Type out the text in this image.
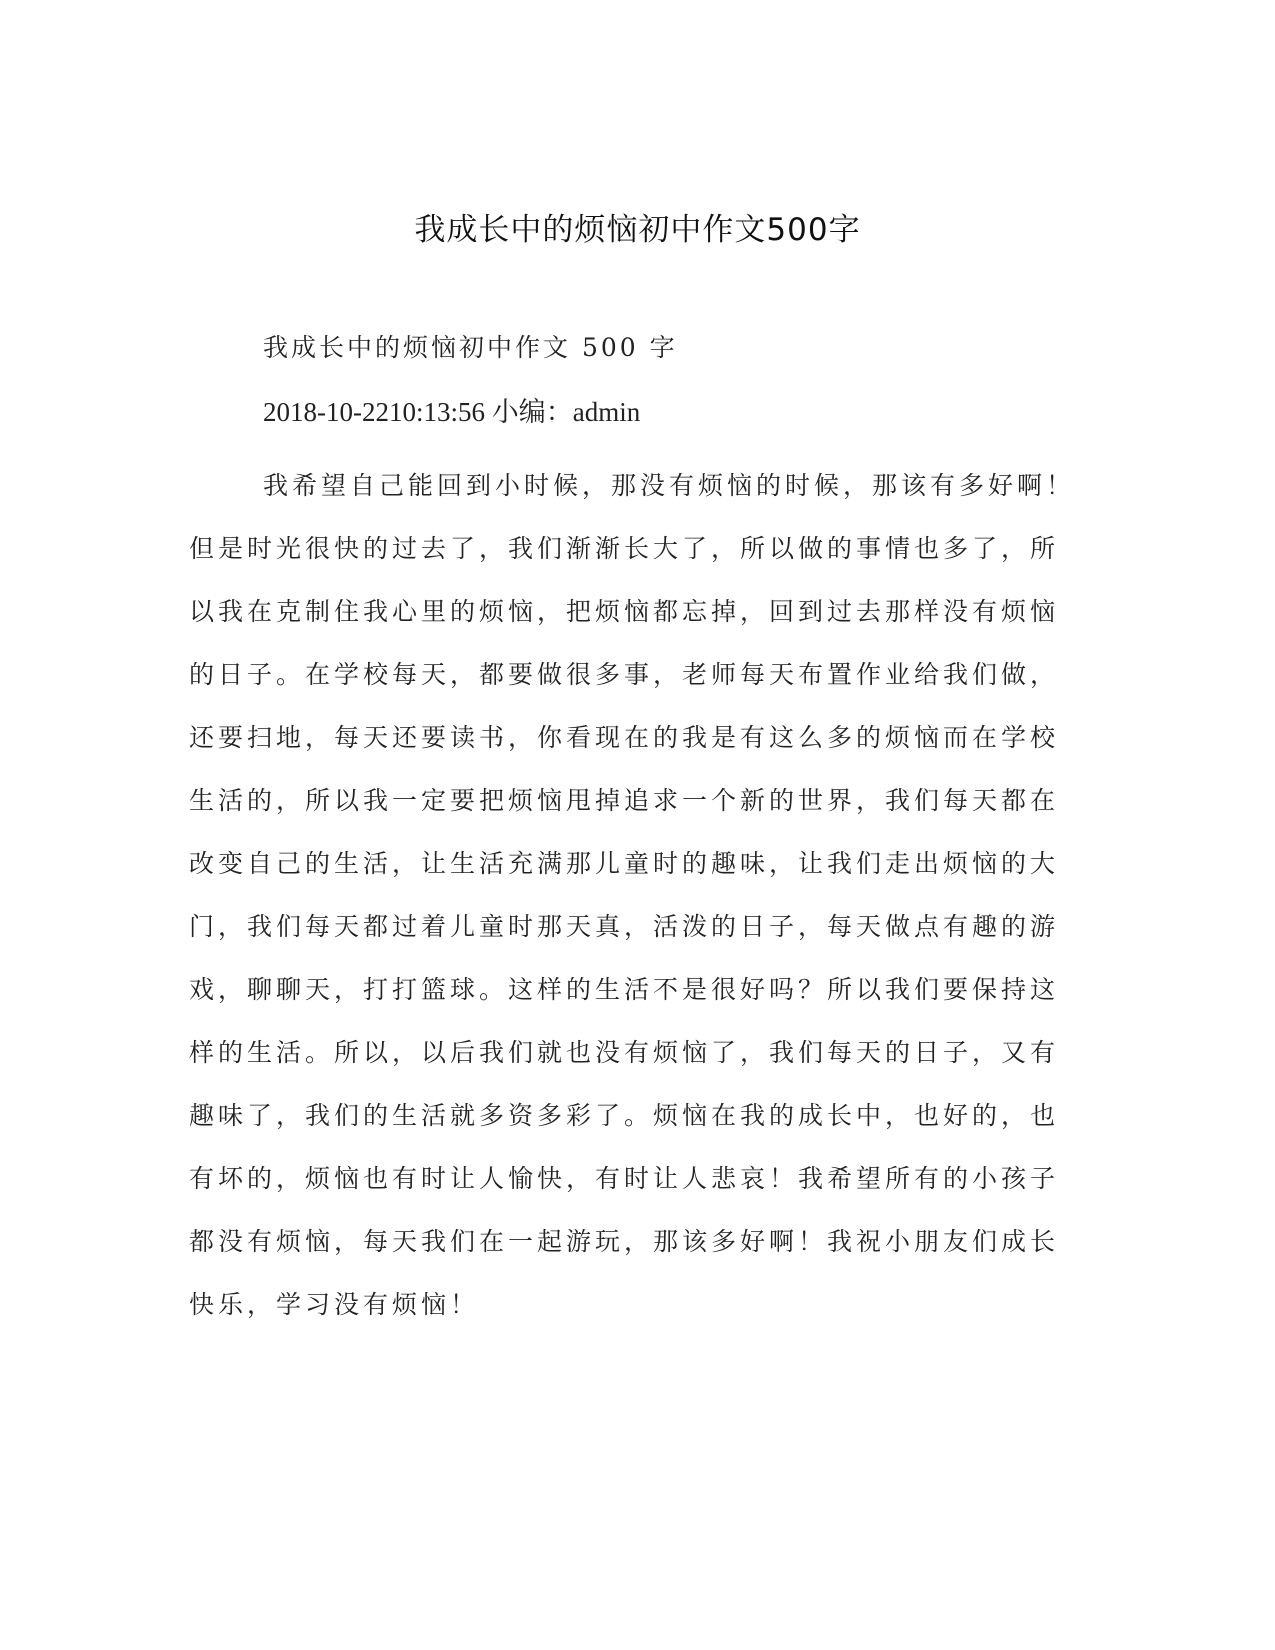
我成长中的烦恼初中作文500字
我成长中的烦恼初中作文 500 字
2018-10-2210:13:56 小编：admin
我希望自己能回到小时候，那没有烦恼的时候，那该有多好啊！
但是时光很快的过去了，我们渐渐长大了，所以做的事情也多了，所
以我在克制住我心里的烦恼，把烦恼都忘掉，回到过去那样没有烦恼
的日子。在学校每天，都要做很多事，老师每天布置作业给我们做，
还要扫地，每天还要读书，你看现在的我是有这么多的烦恼而在学校
生活的，所以我一定要把烦恼甩掉追求一个新的世界，我们每天都在
改变自己的生活，让生活充满那儿童时的趣味，让我们走出烦恼的大
门，我们每天都过着儿童时那天真，活泼的日子，每天做点有趣的游
戏，聊聊天，打打篮球。这样的生活不是很好吗？所以我们要保持这
样的生活。所以，以后我们就也没有烦恼了，我们每天的日子，又有
趣味了，我们的生活就多资多彩了。烦恼在我的成长中，也好的，也
有坏的，烦恼也有时让人愉快，有时让人悲哀！我希望所有的小孩子
都没有烦恼，每天我们在一起游玩，那该多好啊！我祝小朋友们成长
快乐，学习没有烦恼！
